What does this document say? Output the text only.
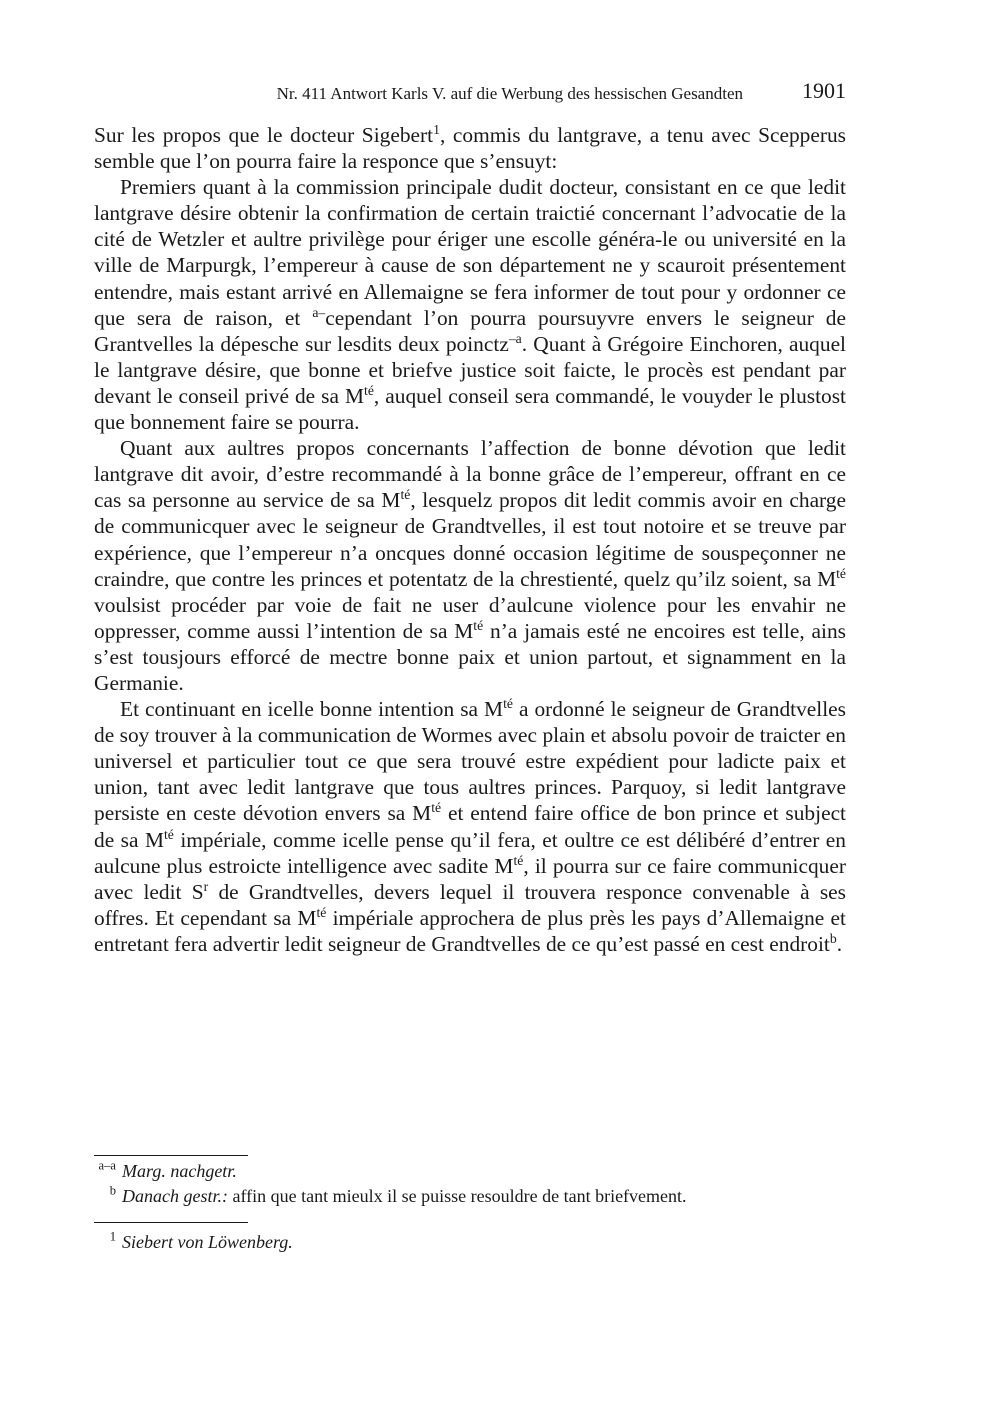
Nr. 411 Antwort Karls V. auf die Werbung des hessischen Gesandten	1901

Sur les propos que le docteur Sigebert$^1$, commis du lantgrave, a tenu avec Scepperus semble que l’on pourra faire la responce que s’ensuyt:

Premiers quant à la commission principale dudit docteur, consistant en ce que ledit lantgrave désire obtenir la confirmation de certain traictié concernant l’advocatie de la cité de Wetzler et aultre privilège pour ériger une escolle généra-le ou université en la ville de Marpurgk, l’empereur à cause de son département ne y scauroit présentement entendre, mais estant arrivé en Allemaigne se fera informer de tout pour y ordonner ce que sera de raison, et $^{a-}$cependant l’on pourra poursuyvre envers le seigneur de Grantvelles la dépesche sur lesdits deux poinctz$^{-a}$. Quant à Grégoire Einchoren, auquel le lantgrave désire, que bonne et briefve justice soit faicte, le procès est pendant par devant le conseil privé de sa $M^{té}$, auquel conseil sera commandé, le vouyder le plustost que bonnement faire se pourra.

Quant aux aultres propos concernants l’affection de bonne dévotion que ledit lantgrave dit avoir, d’estre recommandé à la bonne grâce de l’empereur, offrant en ce cas sa personne au service de sa $M^{té}$, lesquelz propos dit ledit commis avoir en charge de communicquer avec le seigneur de Grandtvelles, il est tout notoire et se treuve par expérience, que l’empereur n’a oncques donné occasion légitime de souspeçonner ne craindre, que contre les princes et potentatz de la chrestienté, quelz qu’ilz soient, sa $M^{té}$ voulsist procéder par voie de fait ne user d’aulcune violence pour les envahir ne oppresser, comme aussi l’intention de sa $M^{té}$ n’a jamais esté ne encoires est telle, ains s’est tousjours efforcé de mectre bonne paix et union partout, et signamment en la Germanie.

Et continuant en icelle bonne intention sa $M^{té}$ a ordonné le seigneur de Grandtvelles de soy trouver à la communication de Wormes avec plain et absolu povoir de traicter en universel et particulier tout ce que sera trouvé estre expédient pour ladicte paix et union, tant avec ledit lantgrave que tous aultres princes. Parquoy, si ledit lantgrave persiste en ceste dévotion envers sa $M^{té}$ et entend faire office de bon prince et subject de sa $M^{té}$ impériale, comme icelle pense qu’il fera, et oultre ce est délibéré d’entrer en aulcune plus estroicte intelligence avec sadite $M^{té}$, il pourra sur ce faire communicquer avec ledit $S^r$ de Grandtvelles, devers lequel il trouvera responce convenable à ses offres. Et cependant sa $M^{té}$ impériale approchera de plus près les pays d’Allemaigne et entretant fera advertir ledit seigneur de Grandtvelles de ce qu’est passé en cest endroit$^b$.

$^{a-a}$ Marg. nachgetr.
$^b$ Danach gestr.: affin que tant mieulx il se puisse resouldre de tant briefvement.
$^1$ Siebert von Löwenberg.
